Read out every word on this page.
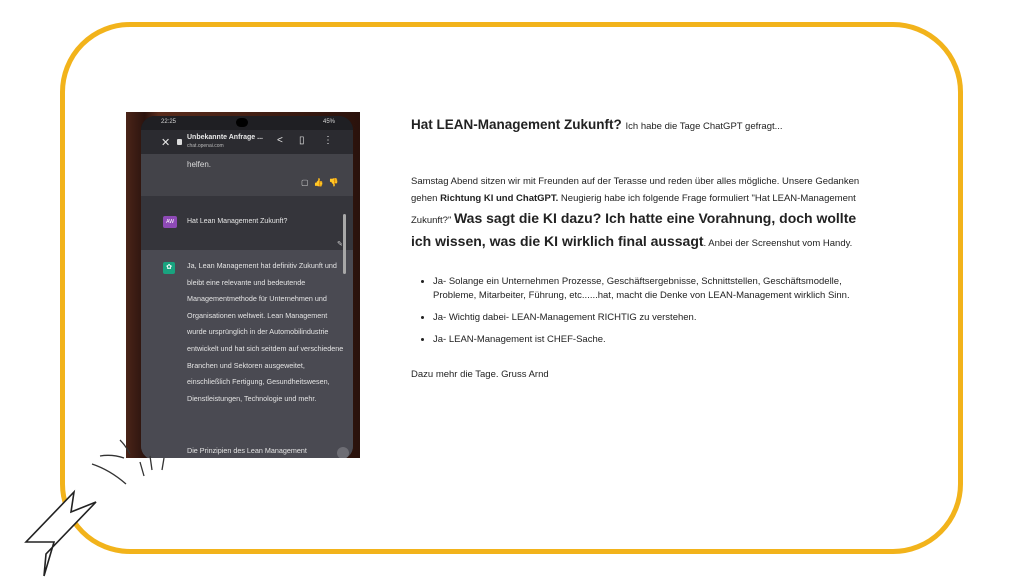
22:25	45%
✕ Unbekannte Anfrage ...
chat.openai.com	< ▯ ⋮
helfen.
▢👍👎
AW	Hat Lean Management Zukunft?
✎
✿	Ja, Lean Management hat definitiv Zukunft und bleibt eine relevante und bedeutende Managementmethode für Unternehmen und Organisationen weltweit. Lean Management wurde ursprünglich in der Automobilindustrie entwickelt und hat sich seitdem auf verschiedene Branchen und Sektoren ausgeweitet, einschließlich Fertigung, Gesundheitswesen, Dienstleistungen, Technologie und mehr.
Die Prinzipien des Lean Management

Hat LEAN-Management Zukunft? Ich habe die Tage ChatGPT gefragt...

Samstag Abend sitzen wir mit Freunden auf der Terasse und reden über alles mögliche. Unsere Gedanken gehen Richtung KI und ChatGPT. Neugierig habe ich folgende Frage formuliert "Hat LEAN-Management Zukunft?" Was sagt die KI dazu? Ich hatte eine Vorahnung, doch wollte ich wissen, was die KI wirklich final aussagt. Anbei der Screenshut vom Handy.
• Ja- Solange ein Unternehmen Prozesse, Geschäftsergebnisse, Schnittstellen, Geschäftsmodelle, Probleme, Mitarbeiter, Führung, etc......hat, macht die Denke von LEAN-Management wirklich Sinn.
• Ja- Wichtig dabei- LEAN-Management RICHTIG zu verstehen.
• Ja- LEAN-Management ist CHEF-Sache.
Dazu mehr die Tage. Gruss Arnd
